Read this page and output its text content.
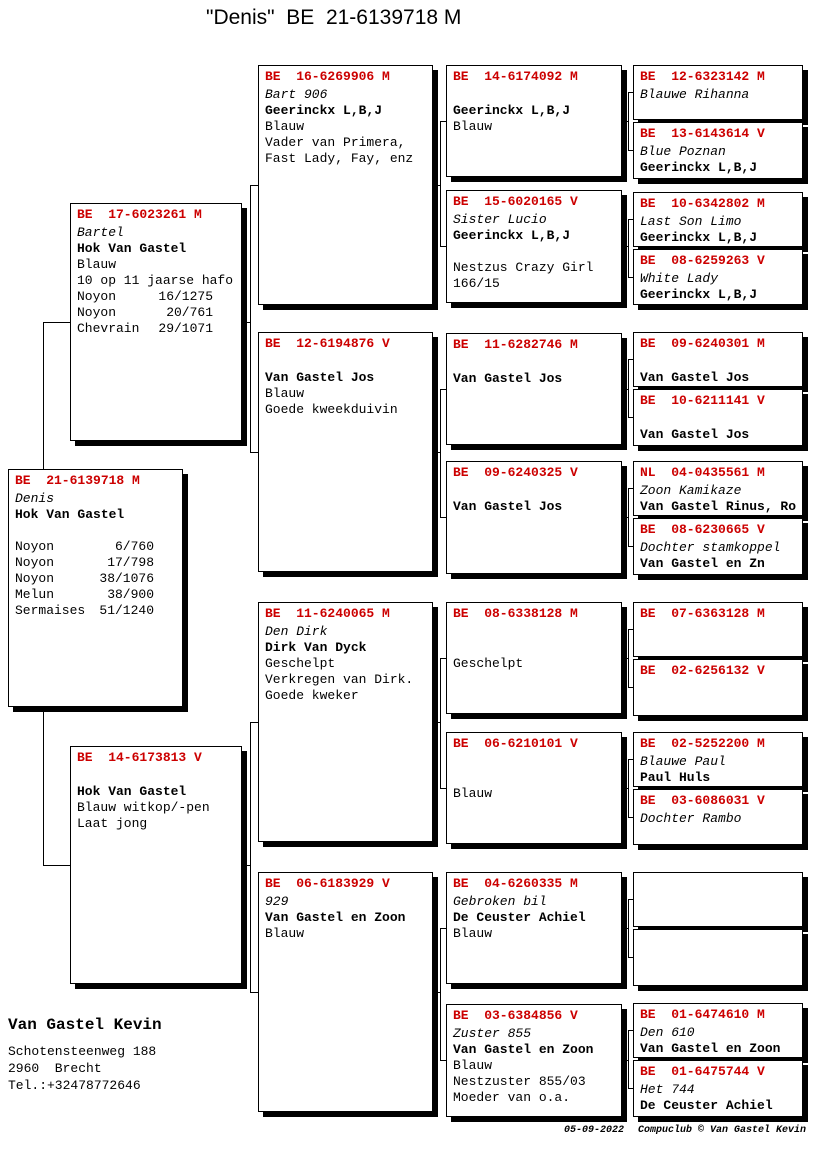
"Denis"  BE  21-6139718 M
BE  17-6023261 M
Bartel
Hok Van Gastel
Blauw
10 op 11 jaarse hafo
Noyon	16/1275
Noyon	20/761
Chevrain 29/1071
BE  21-6139718 M
Denis
Hok Van Gastel
Noyon	6/760
Noyon	17/798
Noyon	38/1076
Melun	38/900
Sermaises 51/1240
BE  14-6173813 V
Hok Van Gastel
Blauw witkop/-pen
Laat jong
BE  16-6269906 M
Bart 906
Geerinckx L,B,J
Blauw
Vader van Primera,
Fast Lady, Fay, enz
BE  12-6194876 V
Van Gastel Jos
Blauw
Goede kweekduivin
BE  11-6240065 M
Den Dirk
Dirk Van Dyck
Geschelpt
Verkregen van Dirk.
Goede kweker
BE  06-6183929 V
929
Van Gastel en Zoon
Blauw
BE  14-6174092 M
Geerinckx L,B,J
Blauw
BE  15-6020165 V
Sister Lucio
Geerinckx L,B,J
Nestzus Crazy Girl
166/15
BE  11-6282746 M
Van Gastel Jos
BE  09-6240325 V
Van Gastel Jos
BE  08-6338128 M
Geschelpt
BE  06-6210101 V
Blauw
BE  04-6260335 M
Gebroken bil
De Ceuster Achiel
Blauw
BE  03-6384856 V
Zuster 855
Van Gastel en Zoon
Blauw
Nestzuster 855/03
Moeder van o.a.
BE  12-6323142 M
Blauwe Rihanna
BE  13-6143614 V
Blue Poznan
Geerinckx L,B,J
BE  10-6342802 M
Last Son Limo
Geerinckx L,B,J
BE  08-6259263 V
White Lady
Geerinckx L,B,J
BE  09-6240301 M
Van Gastel Jos
BE  10-6211141 V
Van Gastel Jos
NL  04-0435561 M
Zoon Kamikaze
Van Gastel Rinus, Ro
BE  08-6230665 V
Dochter stamkoppel
Van Gastel en Zn
BE  07-6363128 M
BE  02-6256132 V
BE  02-5252200 M
Blauwe Paul
Paul Huls
BE  03-6086031 V
Dochter Rambo
BE  01-6474610 M
Den 610
Van Gastel en Zoon
BE  01-6475744 V
Het 744
De Ceuster Achiel
Van Gastel Kevin
Schotensteenweg 188
2960  Brecht
Tel.:+32478772646
05-09-2022 Compuclub © Van Gastel Kevin
